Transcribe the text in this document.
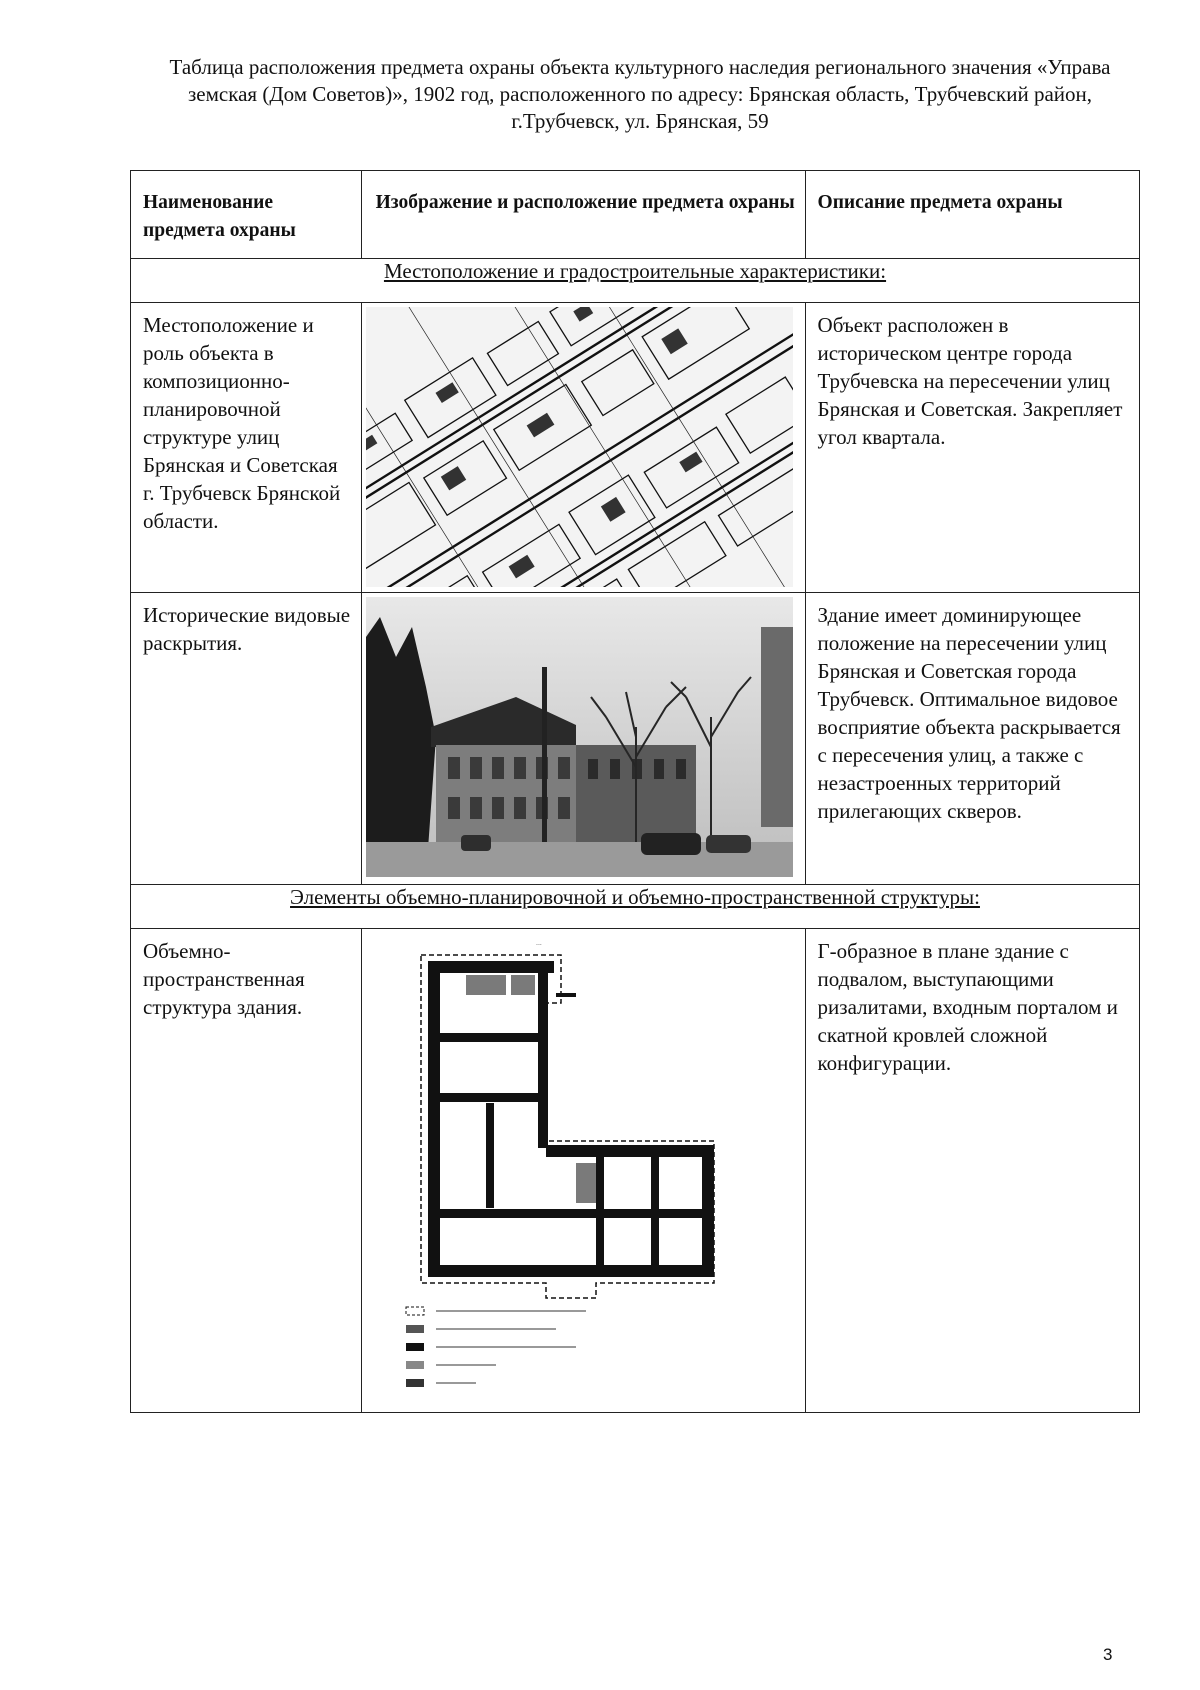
Таблица расположения предмета охраны объекта культурного наследия регионального значения «Управа земская (Дом Советов)», 1902 год, расположенного по адресу: Брянская область, Трубчевский район, г.Трубчевск, ул. Брянская, 59
Наименование предмета охраны	Изображение и расположение предмета охраны	Описание предмета охраны

Местоположение и градостроительные характеристики:		

Местоположение и роль объекта в композиционно-планировочной структуре улиц Брянская и Советская г. Трубчевск Брянской области.		Объект расположен в историческом центре города Трубчевска на пересечении улиц Брянская и Советская. Закрепляет угол квартала.

Исторические видовые раскрытия.		Здание имеет доминирующее положение на пересечении улиц Брянская и Советская города Трубчевск. Оптимальное видовое восприятие объекта раскрывается с пересечения улиц, а также с незастроенных территорий прилегающих скверов.

Элементы объемно-планировочной и объемно-пространственной структуры:		

Объемно-пространственная структура здания.	...	Г-образное в плане здание с подвалом, выступающими ризалитами, входным порталом и скатной кровлей сложной конфигурации.
3
